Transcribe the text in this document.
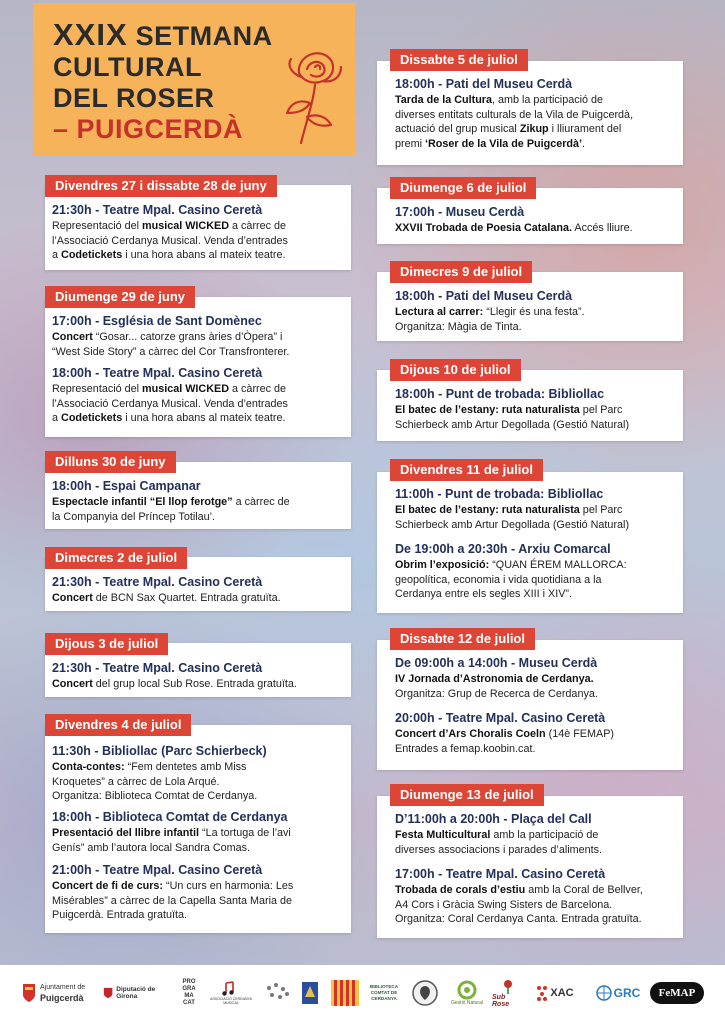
XXIX SETMANA
CULTURAL
DEL ROSER
– PUIGCERDÀ
Divendres 27 i dissabte 28 de juny
21:30h - Teatre Mpal. Casino Ceretà
Representació del musical WICKED a càrrec de
l’Associació Cerdanya Musical. Venda d’entrades
a Codetickets i una hora abans al mateix teatre.
Diumenge 29 de juny
17:00h - Església de Sant Domènec
Concert “Gosar... catorze grans àries d’Òpera” i
“West Side Story” a càrrec del Cor Transfronterer.
18:00h - Teatre Mpal. Casino Ceretà
Representació del musical WICKED a càrrec de
l’Associació Cerdanya Musical. Venda d’entrades
a Codetickets i una hora abans al mateix teatre.
Dilluns 30 de juny
18:00h - Espai Campanar
Espectacle infantil “El llop ferotge” a càrrec de
la Companyia del Príncep Totilau’.
Dimecres 2 de juliol
21:30h - Teatre Mpal. Casino Ceretà
Concert de BCN Sax Quartet. Entrada gratuïta.
Dijous 3 de juliol
21:30h - Teatre Mpal. Casino Ceretà
Concert del grup local Sub Rose. Entrada gratuïta.
Divendres 4 de juliol
11:30h - Bibliollac (Parc Schierbeck)
Conta-contes: “Fem dentetes amb Miss
Kroquetes” a càrrec de Lola Arqué.
Organitza: Biblioteca Comtat de Cerdanya.
18:00h - Biblioteca Comtat de Cerdanya
Presentació del llibre infantil “La tortuga de l’avi
Genís” amb l’autora local Sandra Comas.
21:00h - Teatre Mpal. Casino Ceretà
Concert de fi de curs: “Un curs en harmonia: Les
Misérables” a càrrec de la Capella Santa Maria de
Puigcerdà. Entrada gratuïta.
Dissabte 5 de juliol
18:00h - Pati del Museu Cerdà
Tarda de la Cultura, amb la participació de
diverses entitats culturals de la Vila de Puigcerdà,
actuació del grup musical Zikup i lliurament del
premi ‘Roser de la Vila de Puigcerdà’.
Diumenge 6 de juliol
17:00h - Museu Cerdà
XXVII Trobada de Poesia Catalana. Accés lliure.
Dimecres 9 de juliol
18:00h - Pati del Museu Cerdà
Lectura al carrer: “Llegir és una festa”.
Organitza: Màgia de Tinta.
Dijous 10 de juliol
18:00h - Punt de trobada: Bibliollac
El batec de l’estany: ruta naturalista pel Parc
Schierbeck amb Artur Degollada (Gestió Natural)
Divendres 11 de juliol
11:00h - Punt de trobada: Bibliollac
El batec de l’estany: ruta naturalista pel Parc
Schierbeck amb Artur Degollada (Gestió Natural)
De 19:00h a 20:30h - Arxiu Comarcal
Obrim l’exposició: “QUAN ÉREM MALLORCA:
geopolítica, economia i vida quotidiana a la
Cerdanya entre els segles XIII i XIV”.
Dissabte 12 de juliol
De 09:00h a 14:00h - Museu Cerdà
IV Jornada d’Astronomia de Cerdanya.
Organitza: Grup de Recerca de Cerdanya.
20:00h - Teatre Mpal. Casino Ceretà
Concert d’Ars Choralis Coeln (14è FEMAP)
Entrades a femap.koobin.cat.
Diumenge 13 de juliol
D’11:00h a 20:00h - Plaça del Call
Festa Multicultural amb la participació de
diverses associacions i parades d’aliments.
17:00h - Teatre Mpal. Casino Ceretà
Trobada de corals d’estiu amb la Coral de Bellver,
A4 Cors i Gràcia Swing Sisters de Barcelona.
Organitza: Coral Cerdanya Canta. Entrada gratuïta.
Ajuntament de
Puigcerdà
Diputació de Girona
PRO GRA MA CAT
ASSOCIACIÓ CERDANYA MUSICAL
BIBLIOTECA COMTAT DE CERDANYA
Gestió Natural
Sub Rose
XAC	GRC FeMAP
